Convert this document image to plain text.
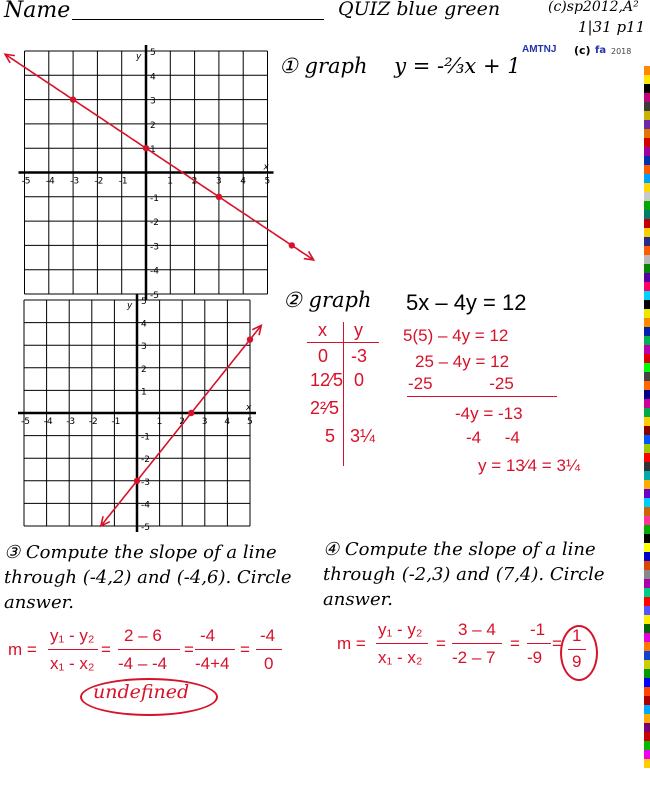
Name	QUIZ blue green	(c)sp2012,A²
1|31 p11
AMTNJ (c) fa 2018
-5 -4 -3 -2 -1	1 2 3 4 5
5
4
3
2
1
-1
-2
-3
-4
-5
x
y
-5 -4 -3 -2 -1	1 2 3 4 5
5
4
3
2
1
-1
-2
-3
-4
-5
x
y
① graph y = -²⁄₃x + 1
② graph 5x – 4y = 12
x y
0 -3
12⁄5 0
2²⁄5
5 3¼
5(5) – 4y = 12
25 – 4y = 12
-25            -25
-4y = -13
-4     -4
y = 13⁄4 = 3¼
③ Compute the slope of a line through (-4,2) and (-4,6). Circle answer.
m =
y₁ - y₂
x₁ - x₂
=
2 – 6
-4 – -4
=
-4
-4+4
=
-4
0
undefined
④ Compute the slope of a line through (-2,3) and (7,4). Circle answer.
m =
y₁ - y₂
x₁ - x₂
=
3 – 4
-2 – 7
=
-1
-9
= 1
9
